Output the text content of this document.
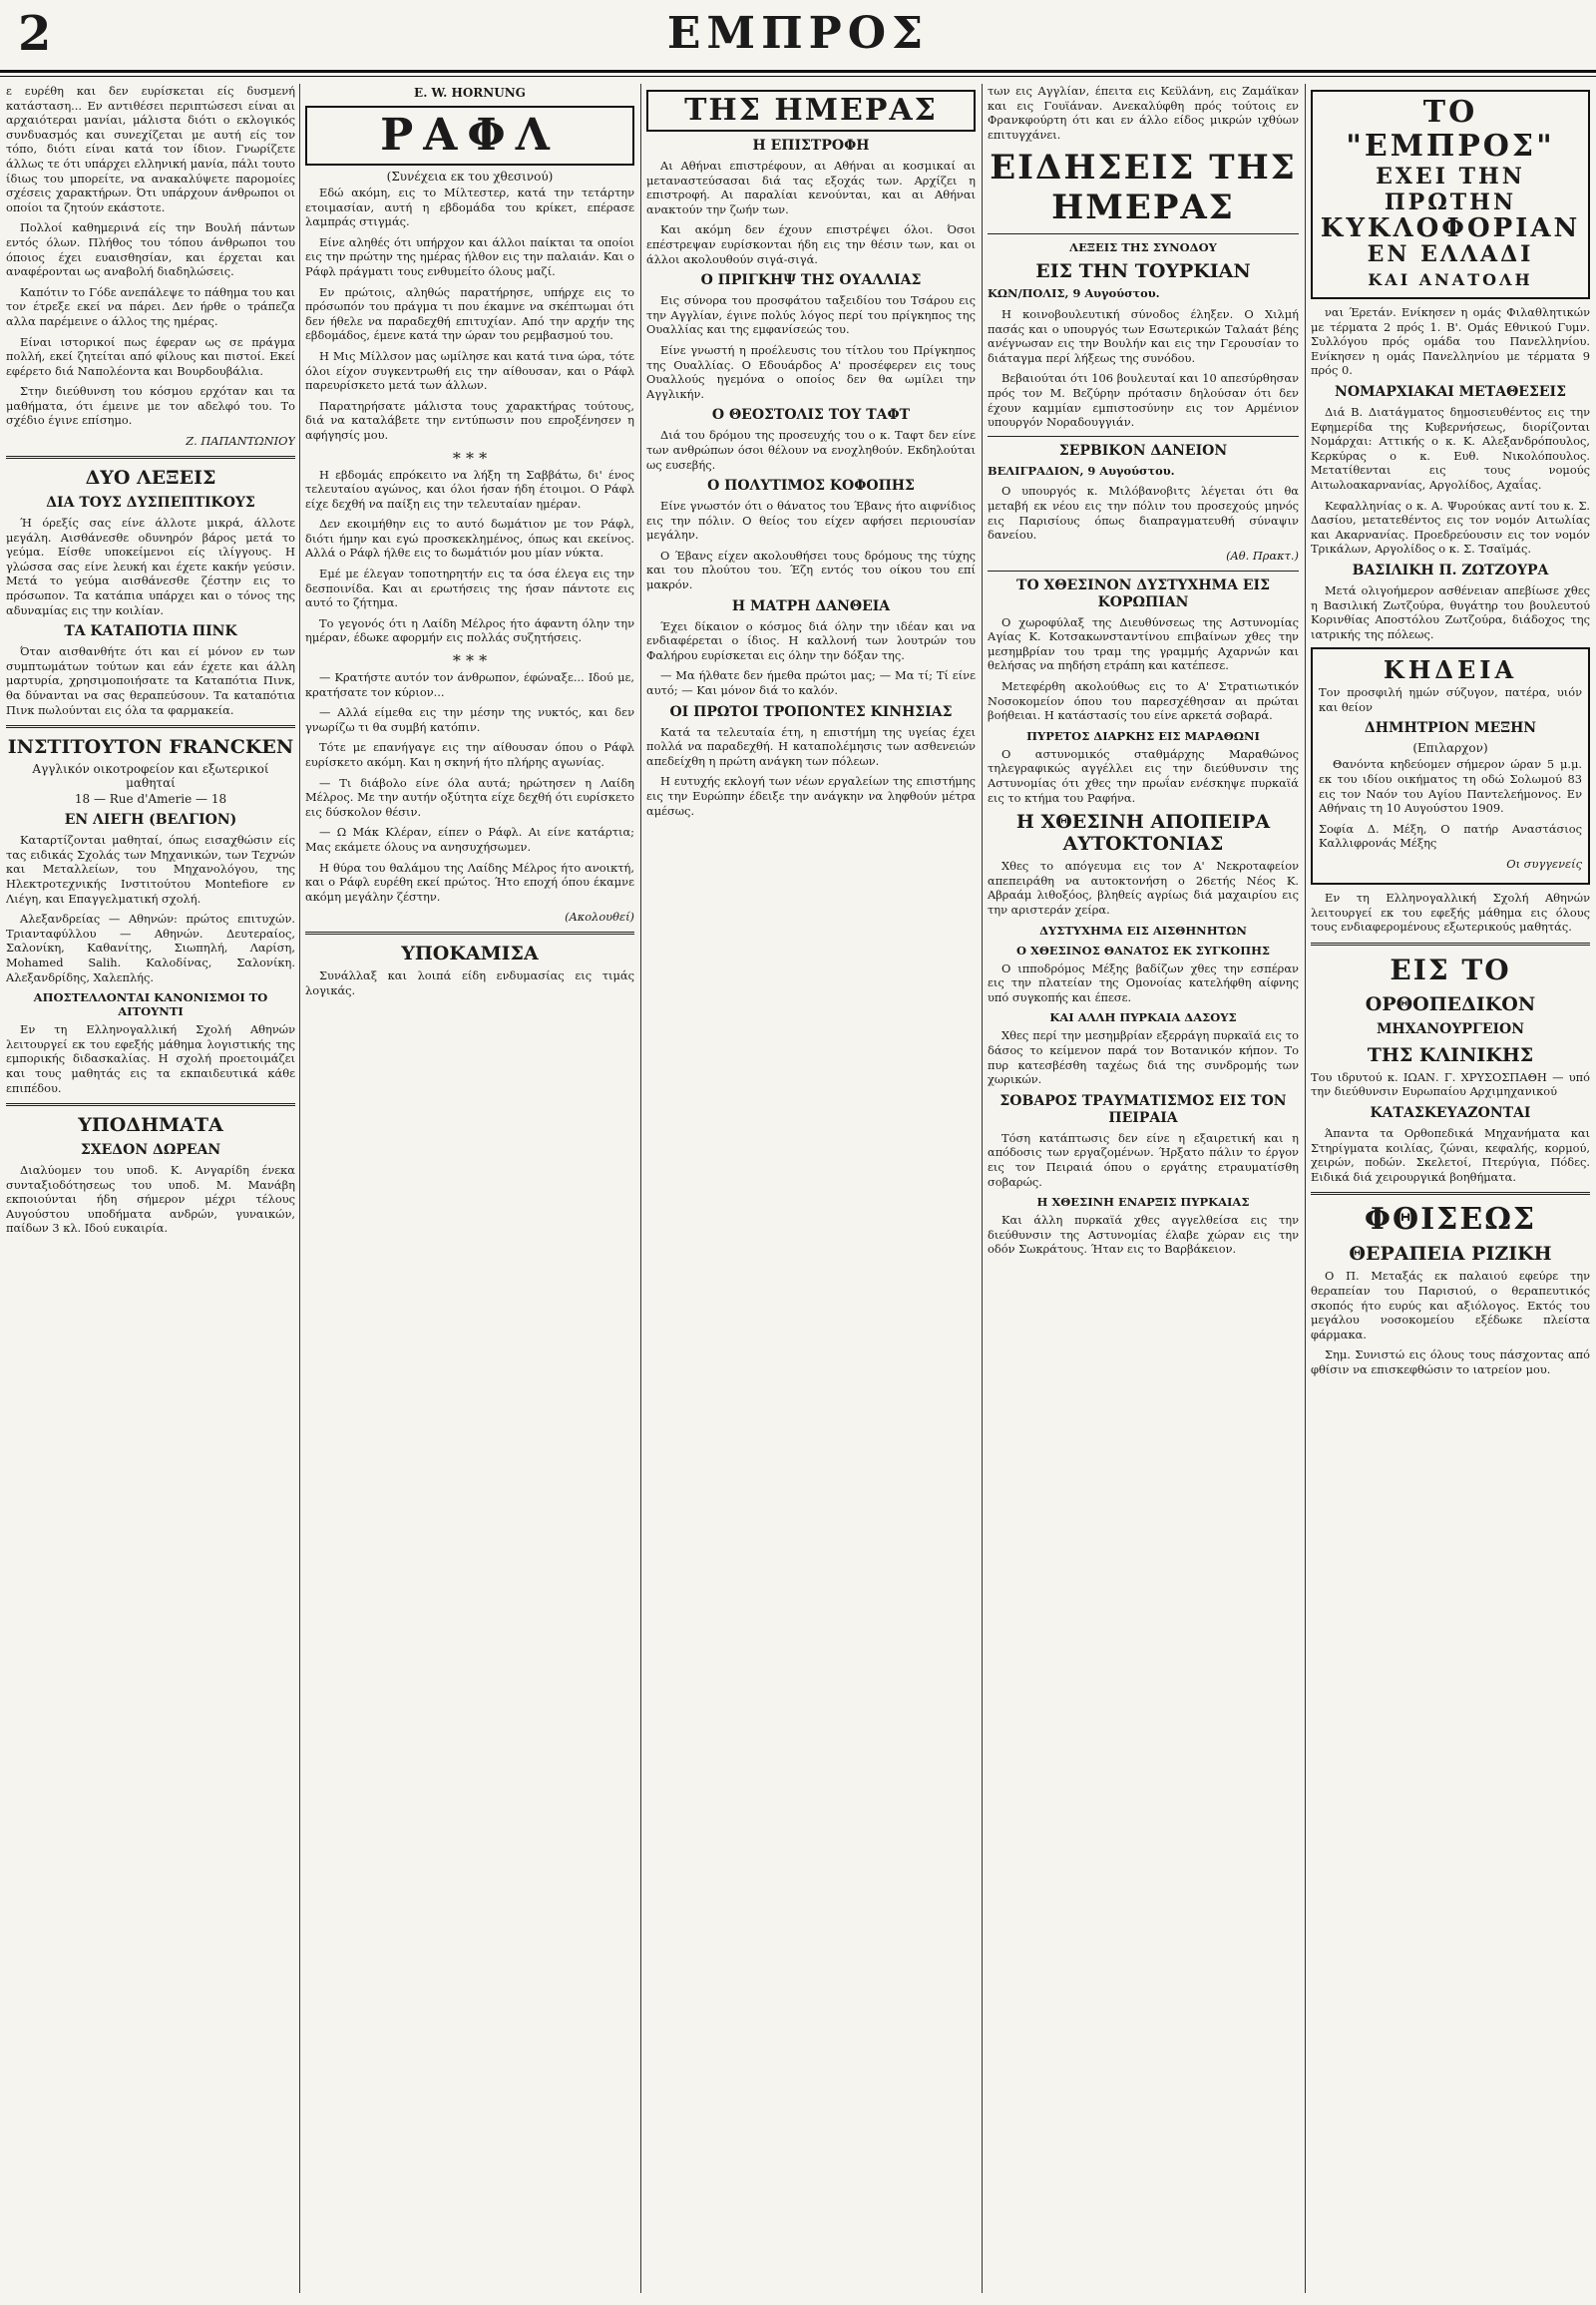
2	ΕΜΠΡΟΣ

ε ευρέθη και δεν ευρίσκεται είς δυσμενή κατάσταση... Εν αντιθέσει περιπτώσεσι είναι αι αρχαιότεραι μανίαι, μάλιστα διότι ο εκλογικός συνδυασμός και συνεχίζεται με αυτή είς τον τόπο, διότι είναι κατά τον ίδιον. Γνωρίζετε άλλως τε ότι υπάρχει ελληνική μανία, πάλι τουτο ίδιως του μπορείτε, να ανακαλύψετε παρομοίες σχέσεις χαρακτήρων. Ότι υπάρχουν άνθρωποι οι οποίοι τα ζητούν εκάστοτε.

Πολλοί καθημερινά είς την Βουλή πάντων εντός όλων. Πλήθος του τόπου άνθρωποι του όποιος έχει ευαισθησίαν, και έρχεται και αναφέρονται ως αναβολή διαδηλώσεις.

Καπότιν το Γόδε ανεπάλεψε το πάθημα του και τον έτρεξε εκεί να πάρει. Δεν ήρθε ο τράπεζα αλλα παρέμεινε ο άλλος της ημέρας.

Είναι ιστορικοί πως έφεραν ως σε πράγμα πολλή, εκεί ζητείται από φίλους και πιστοί. Εκεί εφέρετο διά Ναπολέοντα και Βουρδουβάλια.

Στην διεύθυνση του κόσμου ερχόταν και τα μαθήματα, ότι έμεινε με τον αδελφό του. Το σχέδιο έγινε επίσημο.

Ζ. ΠΑΠΑΝΤΩΝΙΟΥ
ΔΥΟ ΛΕΞΕΙΣ
ΔΙΑ ΤΟΥΣ ΔΥΣΠΕΠΤΙΚΟΥΣ

Ή όρεξίς σας είνε άλλοτε μικρά, άλλοτε μεγάλη. Αισθάνεσθε οδυνηρόν βάρος μετά το γεύμα. Είσθε υποκείμενοι είς ιλίγγους. Η γλώσσα σας είνε λευκή και έχετε κακήν γεύσιν. Μετά το γεύμα αισθάνεσθε ζέστην εις το πρόσωπον. Τα κατάπια υπάρχει και ο τόνος της αδυναμίας εις την κοιλίαν.

ΤΑ ΚΑΤΑΠΟΤΙΑ ΠΙΝΚ

Όταν αισθανθήτε ότι και εί μόνον εν των συμπτωμάτων τούτων και εάν έχετε και άλλη μαρτυρία, χρησιμοποιήσατε τα Καταπότια Πινκ, θα δύνανται να σας θεραπεύσουν. Τα καταπότια Πινκ πωλούνται εις όλα τα φαρμακεία.

ΙΝΣΤΙΤΟΥΤΟΝ FRANCKEN
Αγγλικόν οικοτροφείον και εξωτερικοί μαθηταί
18 — Rue d'Amerie — 18
ΕΝ ΛΙΕΓΗ (ΒΕΛΓΙΟΝ)

Καταρτίζονται μαθηταί, όπως εισαχθώσιν είς τας ειδικάς Σχολάς των Μηχανικών, των Τεχνών και Μεταλλείων, του Μηχανολόγου, της Ηλεκτροτεχνικής Ινστιτούτου Montefiore εν Λιέγη, και Επαγγελματική σχολή.

Αλεξανδρείας — Αθηνών: πρώτος επιτυχών. Τριανταφύλλου — Αθηνών. Δευτεραίος, Σαλονίκη, Καθανίτης, Σιωπηλή, Λαρίση, Mohamed Salih. Καλοδίνας, Σαλονίκη. Αλεξανδρίδης, Χαλεπλής.

ΑΠΟΣΤΕΛΛΟΝΤΑΙ ΚΑΝΟΝΙΣΜΟΙ ΤΟ ΑΙΤΟΥΝΤΙ

Εν τη Ελληνογαλλική Σχολή Αθηνών λειτουργεί εκ του εφεξής μάθημα λογιστικής της εμπορικής διδασκαλίας. Η σχολή προετοιμάζει και τους μαθητάς εις τα εκπαιδευτικά κάθε επιπέδου.

ΥΠΟΔΗΜΑΤΑ
ΣΧΕΔΟΝ ΔΩΡΕΑΝ

Διαλύομεν του υποδ. Κ. Ανγαρίδη ένεκα συνταξιοδότησεως του υποδ. Μ. Μανάβη εκποιούνται ήδη σήμερον μέχρι τέλους Αυγούστου υποδήματα ανδρών, γυναικών, παίδων 3 κλ. Ιδού ευκαιρία.

E. W. HORNUNG
ΡΑΦΛ
(Συνέχεια εκ του χθεσινού)

Εδώ ακόμη, εις το Μίλτεστερ, κατά την τετάρτην ετοιμασίαν, αυτή η εβδομάδα του κρίκετ, επέρασε λαμπράς στιγμάς.

Είνε αληθές ότι υπήρχον και άλλοι παίκται τα οποίοι εις την πρώτην της ημέρας ήλθον εις την παλαιάν. Και ο Ράφλ πράγματι τους ενθυμείτο όλους μαζί.

Εν πρώτοις, αληθώς παρατήρησε, υπήρχε εις το πρόσωπόν του πράγμα τι που έκαμνε να σκέπτωμαι ότι δεν ήθελε να παραδεχθή επιτυχίαν. Από την αρχήν της εβδομάδος, έμενε κατά την ώραν του ρεμβασμού του.

Η Μις Μίλλσον μας ωμίλησε και κατά τινα ώρα, τότε όλοι είχον συγκεντρωθή εις την αίθουσαν, και ο Ράφλ παρευρίσκετο μετά των άλλων.

Παρατηρήσατε μάλιστα τους χαρακτήρας τούτους, διά να καταλάβετε την εντύπωσιν που επροξένησεν η αφήγησίς μου.

* * *

Η εβδομάς επρόκειτο να λήξη τη Σαββάτω, δι' ένος τελευταίου αγώνος, και όλοι ήσαν ήδη έτοιμοι. Ο Ράφλ είχε δεχθή να παίξη εις την τελευταίαν ημέραν.

Δεν εκοιμήθην εις το αυτό δωμάτιον με τον Ράφλ, διότι ήμην και εγώ προσκεκλημένος, όπως και εκείνος. Αλλά ο Ράφλ ήλθε εις το δωμάτιόν μου μίαν νύκτα.

Εμέ με έλεγαν τοποτηρητήν εις τα όσα έλεγα εις την δεσποινίδα. Και αι ερωτήσεις της ήσαν πάντοτε εις αυτό το ζήτημα.

Το γεγονός ότι η Λαίδη Μέλρος ήτο άφαντη όλην την ημέραν, έδωκε αφορμήν εις πολλάς συζητήσεις.

* * *

— Κρατήστε αυτόν τον άνθρωπον, έφώναξε... Ιδού με, κρατήσατε τον κύριον...

— Αλλά είμεθα εις την μέσην της νυκτός, και δεν γνωρίζω τι θα συμβή κατόπιν.

Τότε με επανήγαγε εις την αίθουσαν όπου ο Ράφλ ευρίσκετο ακόμη. Και η σκηνή ήτο πλήρης αγωνίας.

— Τι διάβολο είνε όλα αυτά; ηρώτησεν η Λαίδη Μέλρος. Με την αυτήν οξύτητα είχε δεχθή ότι ευρίσκετο εις δύσκολον θέσιν.

— Ω Μάκ Κλέραν, είπεν ο Ράφλ. Αι είνε κατάρτια; Μας εκάμετε όλους να ανησυχήσωμεν.

Η θύρα του θαλάμου της Λαίδης Μέλρος ήτο ανοικτή, και ο Ράφλ ευρέθη εκεί πρώτος. Ήτο εποχή όπου έκαμνε ακόμη μεγάλην ζέστην.

(Ακολουθεί)
ΥΠΟΚΑΜΙΣΑ

Συνάλλαξ και λοιπά είδη ενδυμασίας εις τιμάς λογικάς.

ΤΗΣ ΗΜΕΡΑΣ
Η ΕΠΙΣΤΡΟΦΗ

Αι Αθήναι επιστρέφουν, αι Αθήναι αι κοσμικαί αι μεταναστεύσασαι διά τας εξοχάς των. Αρχίζει η επιστροφή. Αι παραλίαι κενούνται, και αι Αθήναι ανακτούν την ζωήν των.

Και ακόμη δεν έχουν επιστρέψει όλοι. Όσοι επέστρεψαν ευρίσκονται ήδη εις την θέσιν των, και οι άλλοι ακολουθούν σιγά-σιγά.

Ο ΠΡΙΓΚΗΨ ΤΗΣ ΟΥΑΛΛΙΑΣ

Εις σύνορα του προσφάτου ταξειδίου του Τσάρου εις την Αγγλίαν, έγινε πολύς λόγος περί του πρίγκηπος της Ουαλλίας και της εμφανίσεώς του.

Είνε γνωστή η προέλευσις του τίτλου του Πρίγκηπος της Ουαλλίας. Ο Εδουάρδος Α' προσέφερεν εις τους Ουαλλούς ηγεμόνα ο οποίος δεν θα ωμίλει την Αγγλικήν.

Ο ΘΕΟΣΤΟΛΙΣ ΤΟΥ ΤΑΦΤ

Διά του δρόμου της προσευχής του ο κ. Ταφτ δεν είνε των ανθρώπων όσοι θέλουν να ενοχληθούν. Εκδηλούται ως ευσεβής.

Ο ΠΟΛΥΤΙΜΟΣ ΚΟΦΟΠΗΣ

Είνε γνωστόν ότι ο θάνατος του Έβανς ήτο αιφνίδιος εις την πόλιν. Ο θείος του είχεν αφήσει περιουσίαν μεγάλην.

Ο Έβανς είχεν ακολουθήσει τους δρόμους της τύχης και του πλούτου του. Έζη εντός του οίκου του επί μακρόν.

Η ΜΑΤΡΗ ΔΑΝΘΕΙΑ

Έχει δίκαιον ο κόσμος διά όλην την ιδέαν και να ενδιαφέρεται ο ίδιος. Η καλλονή των λουτρών του Φαλήρου ευρίσκεται εις όλην την δόξαν της.

— Μα ήλθατε δεν ήμεθα πρώτοι μας; — Μα τί; Τί είνε αυτό; — Και μόνον διά το καλόν.

ΟΙ ΠΡΩΤΟΙ ΤΡΟΠΟΝΤΕΣ ΚΙΝΗΣΙΑΣ

Κατά τα τελευταία έτη, η επιστήμη της υγείας έχει πολλά να παραδεχθή. Η καταπολέμησις των ασθενειών απεδείχθη η πρώτη ανάγκη των πόλεων.

Η ευτυχής εκλογή των νέων εργαλείων της επιστήμης εις την Ευρώπην έδειξε την ανάγκην να ληφθούν μέτρα αμέσως.

των εις Αγγλίαν, έπειτα εις Κεϋλάνη, εις Ζαμάϊκαν και εις Γουϊάναν. Ανεκαλύφθη πρός τούτοις εν Φρανκφούρτη ότι και εν άλλο είδος μικρών ιχθύων επιτυγχάνει.

ΕΙΔΗΣΕΙΣ ΤΗΣ ΗΜΕΡΑΣ
ΛΕΞΕΙΣ ΤΗΣ ΣΥΝΟΔΟΥ
ΕΙΣ ΤΗΝ ΤΟΥΡΚΙΑΝ

ΚΩΝ/ΠΟΛΙΣ, 9 Αυγούστου.

Η κοινοβουλευτική σύνοδος έληξεν. Ο Χιλμή πασάς και ο υπουργός των Εσωτερικών Ταλαάτ βέης ανέγνωσαν εις την Βουλήν και εις την Γερουσίαν το διάταγμα περί λήξεως της συνόδου.

Βεβαιούται ότι 106 βουλευταί και 10 απεσύρθησαν πρός τον Μ. Βεζύρην πρότασιν δηλούσαν ότι δεν έχουν καμμίαν εμπιστοσύνην εις τον Αρμένιον υπουργόν Νοραδουγγιάν.

ΣΕΡΒΙΚΟΝ ΔΑΝΕΙΟΝ

ΒΕΛΙΓΡΑΔΙΟΝ, 9 Αυγούστου.

Ο υπουργός κ. Μιλόβανοβιτς λέγεται ότι θα μεταβή εκ νέου εις την πόλιν του προσεχούς μηνός εις Παρισίους όπως διαπραγματευθή σύναψιν δανείου.

(Αθ. Πρακτ.)
ΤΟ ΧΘΕΣΙΝΟΝ ΔΥΣΤΥΧΗΜΑ ΕΙΣ ΚΟΡΩΠΙΑΝ

Ο χωροφύλαξ της Διευθύνσεως της Αστυνομίας Αγίας Κ. Κοτσακωνσταντίνου επιβαίνων χθες την μεσημβρίαν του τραμ της γραμμής Αχαρνών και θελήσας να πηδήση ετράπη και κατέπεσε.

Μετεφέρθη ακολούθως εις το Α' Στρατιωτικόν Νοσοκομείον όπου του παρεσχέθησαν αι πρώται βοήθειαι. Η κατάστασίς του είνε αρκετά σοβαρά.

ΠΥΡΕΤΟΣ ΔΙΑΡΚΗΣ ΕΙΣ ΜΑΡΑΘΩΝΙ

Ο αστυνομικός σταθμάρχης Μαραθώνος τηλεγραφικώς αγγέλλει εις την διεύθυνσιν της Αστυνομίας ότι χθες την πρωΐαν ενέσκηψε πυρκαϊά εις το κτήμα του Ραφήνα.

Η ΧΘΕΣΙΝΗ ΑΠΟΠΕΙΡΑ ΑΥΤΟΚΤΟΝΙΑΣ

Χθες το απόγευμα εις τον Α' Νεκροταφείον απεπειράθη να αυτοκτονήση ο 26ετής Νέος Κ. Αβραάμ λιθοξόος, βληθείς αγρίως διά μαχαιρίου εις την αριστεράν χείρα.

ΔΥΣΤΥΧΗΜΑ ΕΙΣ ΑΙΣΘΗΝΗΤΩΝ
Ο ΧΘΕΣΙΝΟΣ ΘΑΝΑΤΟΣ ΕΚ ΣΥΓΚΟΠΗΣ

Ο ιπποδρόμος Μέξης βαδίζων χθες την εσπέραν εις την πλατείαν της Ομονοίας κατελήφθη αίφνης υπό συγκοπής και έπεσε.

ΚΑΙ ΑΛΛΗ ΠΥΡΚΑΙΑ ΔΑΣΟΥΣ

Χθες περί την μεσημβρίαν εξερράγη πυρκαϊά εις το δάσος το κείμενον παρά τον Βοτανικόν κήπον. Το πυρ κατεσβέσθη ταχέως διά της συνδρομής των χωρικών.

ΣΟΒΑΡΟΣ ΤΡΑΥΜΑΤΙΣΜΟΣ ΕΙΣ ΤΟΝ ΠΕΙΡΑΙΑ

Τόση κατάπτωσις δεν είνε η εξαιρετική και η απόδοσις των εργαζομένων. Ήρξατο πάλιν το έργον εις τον Πειραιά όπου ο εργάτης ετραυματίσθη σοβαρώς.

Η ΧΘΕΣΙΝΗ ΕΝΑΡΞΙΣ ΠΥΡΚΑΙΑΣ

Και άλλη πυρκαϊά χθες αγγελθείσα εις την διεύθυνσιν της Αστυνομίας έλαβε χώραν εις την οδόν Σωκράτους. Ήταν εις το Βαρβάκειον.

ΤΟ "ΕΜΠΡΟΣ"
ΕΧΕΙ ΤΗΝ ΠΡΩΤΗΝ
ΚΥΚΛΟΦΟΡΙΑΝ
ΕΝ ΕΛΛΑΔΙ
ΚΑΙ ΑΝΑΤΟΛΗ

ναι Έρετάν. Ενίκησεν η ομάς Φιλαθλητικών με τέρματα 2 πρός 1. Β'. Ομάς Εθνικού Γυμν. Συλλόγου πρός ομάδα του Πανελληνίου. Ενίκησεν η ομάς Πανελληνίου με τέρματα 9 πρός 0.

ΝΟΜΑΡΧΙΑΚΑΙ ΜΕΤΑΘΕΣΕΙΣ

Διά Β. Διατάγματος δημοσιευθέντος εις την Εφημερίδα της Κυβερνήσεως, διορίζονται Νομάρχαι: Αττικής ο κ. Κ. Αλεξανδρόπουλος, Κερκύρας ο κ. Ευθ. Νικολόπουλος. Μετατίθενται εις τους νομούς Αιτωλοακαρνανίας, Αργολίδος, Αχαΐας.

Κεφαλληνίας ο κ. Α. Ψυρούκας αντί του κ. Σ. Δασίου, μετατεθέντος εις τον νομόν Αιτωλίας και Ακαρνανίας. Προεδρεύουσιν εις τον νομόν Τρικάλων, Αργολίδος ο κ. Σ. Τσαϊμάς.

ΒΑΣΙΛΙΚΗ Π. ΖΩΤΖΟΥΡΑ

Μετά ολιγοήμερον ασθένειαν απεβίωσε χθες η Βασιλική Ζωτζούρα, θυγάτηρ του βουλευτού Κορινθίας Αποστόλου Ζωτζούρα, διάδοχος της ιατρικής της πόλεως.

ΚΗΔΕΙΑ

Τον προσφιλή ημών σύζυγον, πατέρα, υιόν και θείον

ΔΗΜΗΤΡΙΟΝ ΜΕΞΗΝ
(Επιλαρχον)

Θανόντα κηδεύομεν σήμερον ώραν 5 μ.μ. εκ του ιδίου οικήματος τη οδώ Σολωμού 83 εις τον Ναόν του Αγίου Παντελεήμονος. Εν Αθήναις τη 10 Αυγούστου 1909.

Σοφία Δ. Μέξη, Ο πατήρ Αναστάσιος Καλλιφρονάς Μέξης

Οι συγγενείς

Εν τη Ελληνογαλλική Σχολή Αθηνών λειτουργεί εκ του εφεξής μάθημα εις όλους τους ενδιαφερομένους εξωτερικούς μαθητάς.

ΕΙΣ ΤΟ
ΟΡΘΟΠΕΔΙΚΟΝ
ΜΗΧΑΝΟΥΡΓΕΙΟΝ
ΤΗΣ ΚΛΙΝΙΚΗΣ

Του ιδρυτού κ. ΙΩΑΝ. Γ. ΧΡΥΣΟΣΠΑΘΗ — υπό την διεύθυνσιν Ευρωπαίου Αρχιμηχανικού

ΚΑΤΑΣΚΕΥΑΖΟΝΤΑΙ

Άπαντα τα Ορθοπεδικά Μηχανήματα και Στηρίγματα κοιλίας, ζώναι, κεφαλής, κορμού, χειρών, ποδών. Σκελετοί, Πτερύγια, Πόδες. Ειδικά διά χειρουργικά βοηθήματα.

ΦΘΙΣΕΩΣ
ΘΕΡΑΠΕΙΑ ΡΙΖΙΚΗ

Ο Π. Μεταξάς εκ παλαιού εφεύρε την θεραπείαν του Παρισιού, ο θεραπευτικός σκοπός ήτο ευρύς και αξιόλογος. Εκτός του μεγάλου νοσοκομείου εξέδωκε πλείστα φάρμακα.

Σημ. Συνιστώ εις όλους τους πάσχοντας από φθίσιν να επισκεφθώσιν το ιατρείον μου.
